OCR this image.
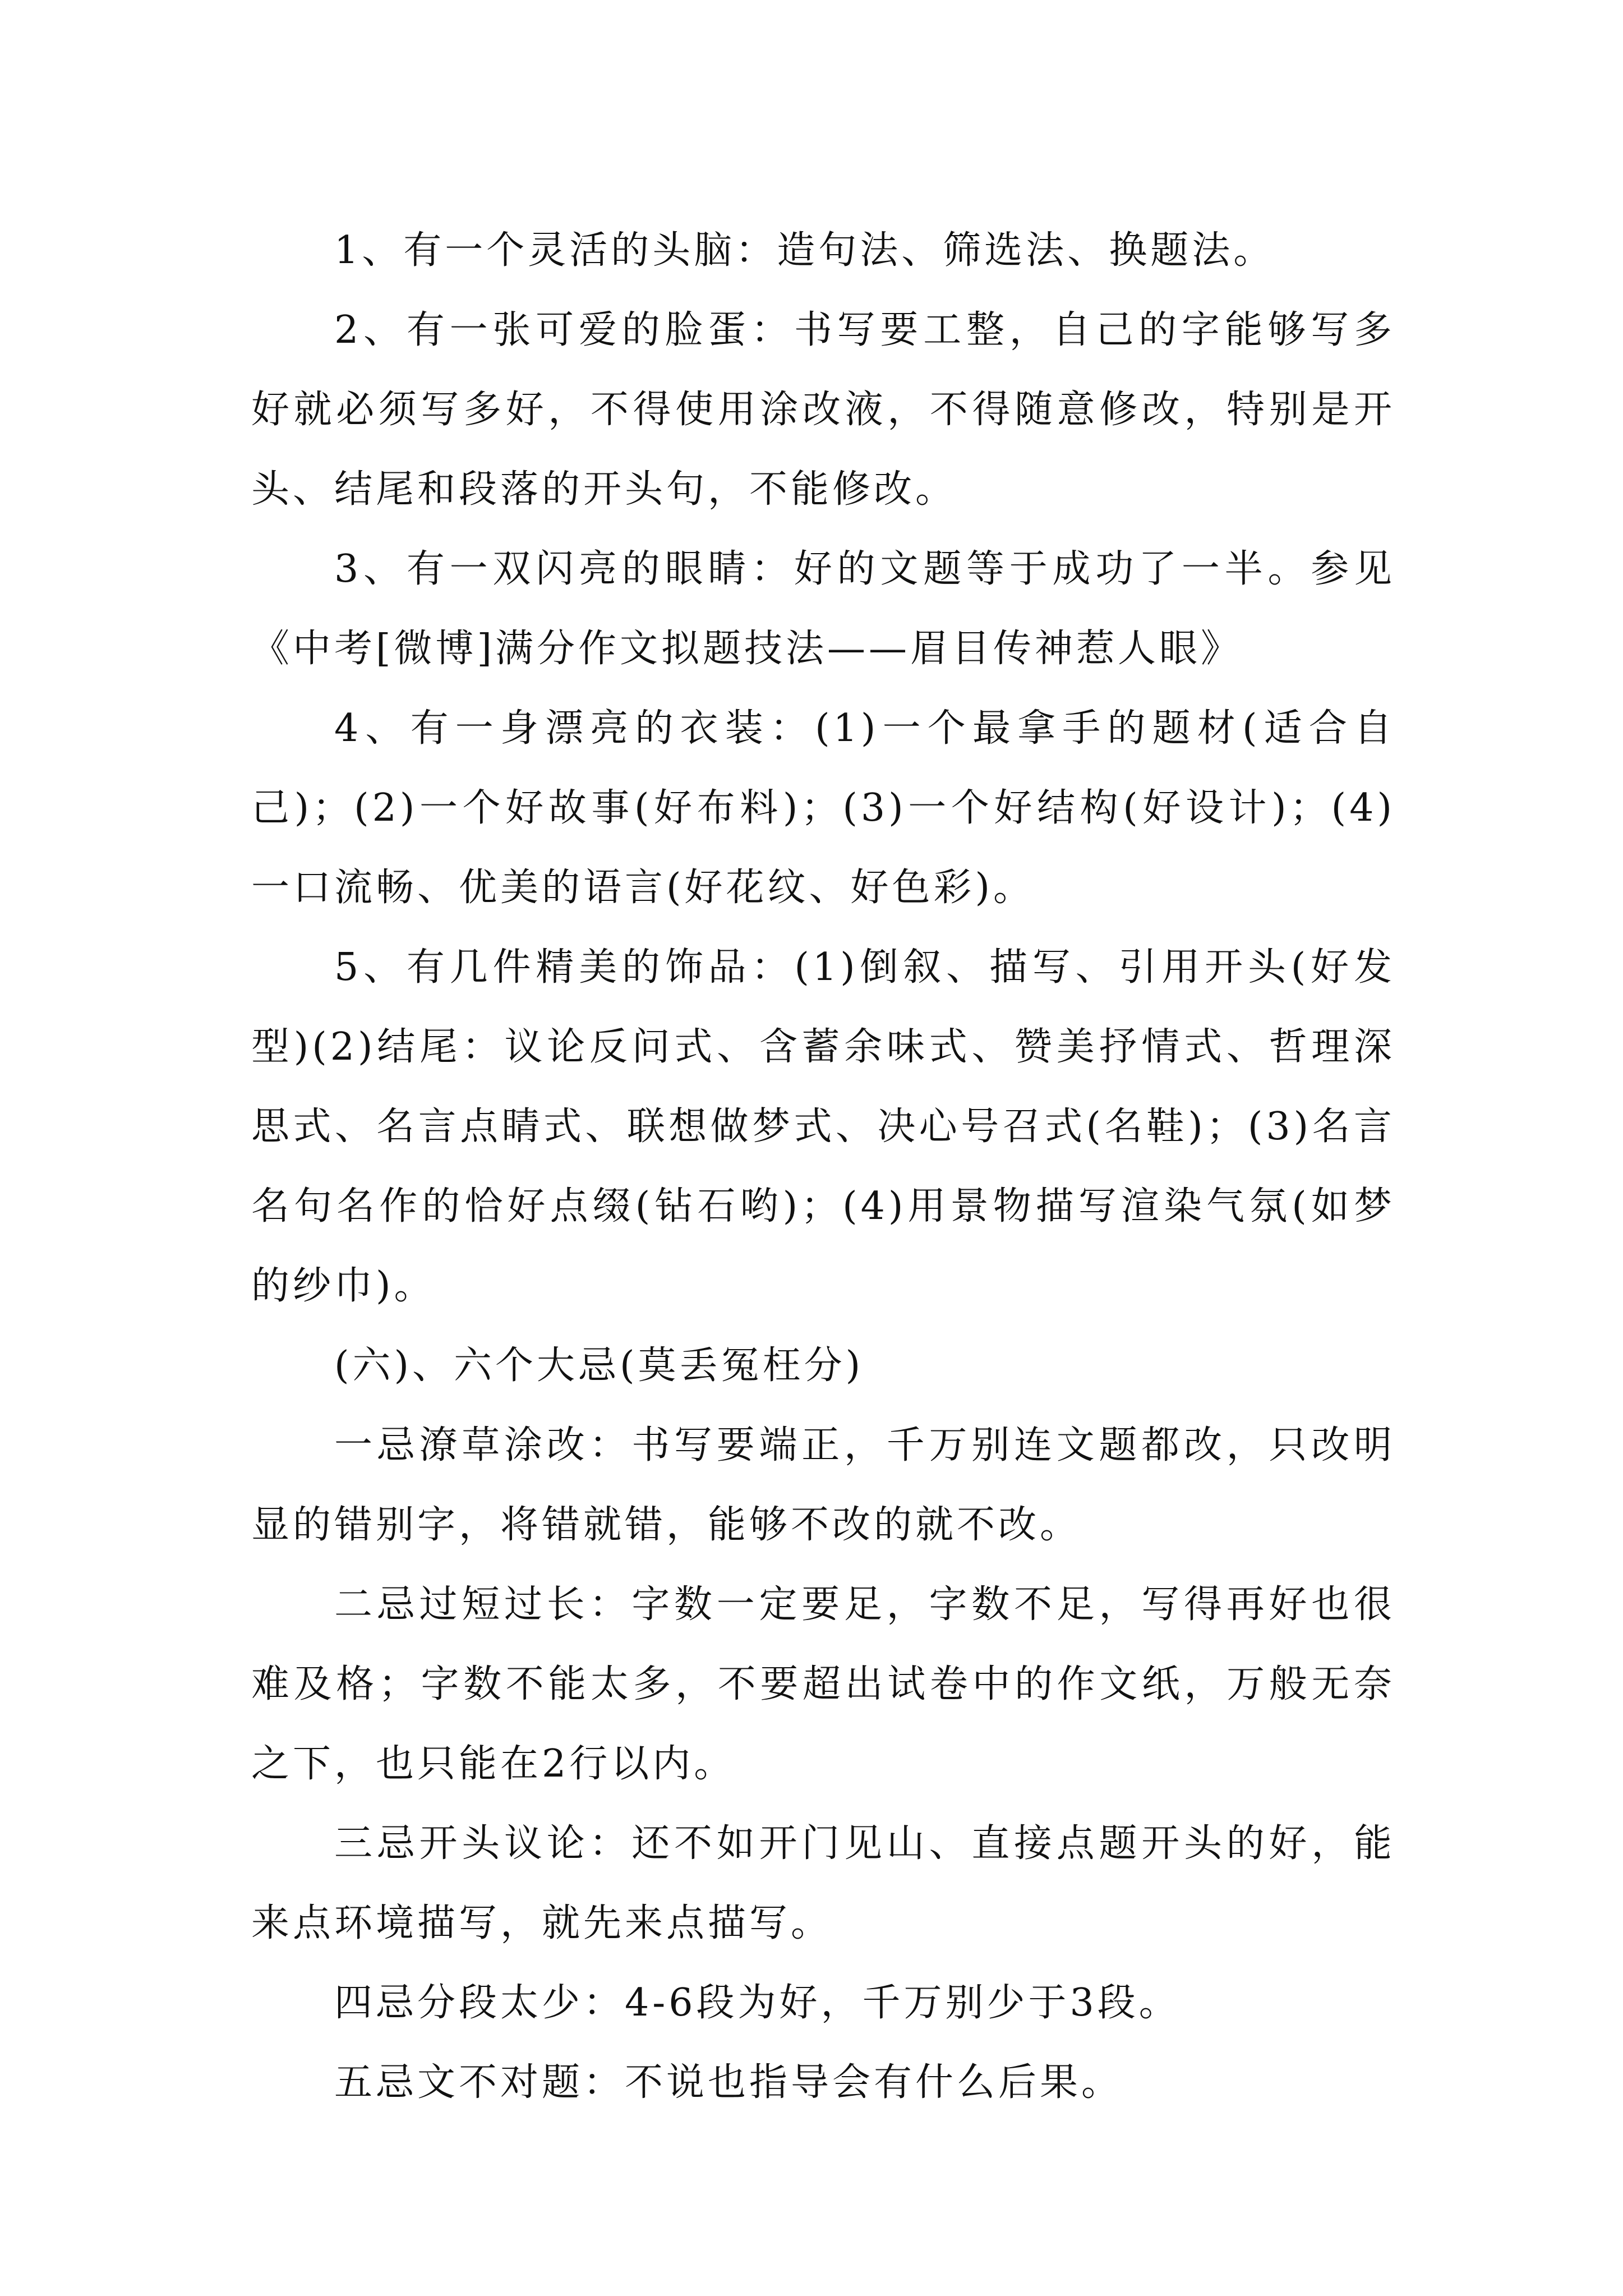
1、有一个灵活的头脑：造句法、筛选法、换题法。

2、有一张可爱的脸蛋：书写要工整，自己的字能够写多好就必须写多好，不得使用涂改液，不得随意修改，特别是开头、结尾和段落的开头句，不能修改。

3、有一双闪亮的眼睛：好的文题等于成功了一半。参见《中考[微博]满分作文拟题技法——眉目传神惹人眼》

4、有一身漂亮的衣装：(1)一个最拿手的题材(适合自己)；(2)一个好故事(好布料)；(3)一个好结构(好设计)；(4)一口流畅、优美的语言(好花纹、好色彩)。

5、有几件精美的饰品：(1)倒叙、描写、引用开头(好发型)(2)结尾：议论反问式、含蓄余味式、赞美抒情式、哲理深思式、名言点睛式、联想做梦式、决心号召式(名鞋)；(3)名言名句名作的恰好点缀(钻石哟)；(4)用景物描写渲染气氛(如梦的纱巾)。

(六)、六个大忌(莫丢冤枉分)

一忌潦草涂改：书写要端正，千万别连文题都改，只改明显的错别字，将错就错，能够不改的就不改。

二忌过短过长：字数一定要足，字数不足，写得再好也很难及格；字数不能太多，不要超出试卷中的作文纸，万般无奈之下，也只能在2行以内。

三忌开头议论：还不如开门见山、直接点题开头的好，能来点环境描写，就先来点描写。

四忌分段太少：4-6段为好，千万别少于3段。

五忌文不对题：不说也指导会有什么后果。
